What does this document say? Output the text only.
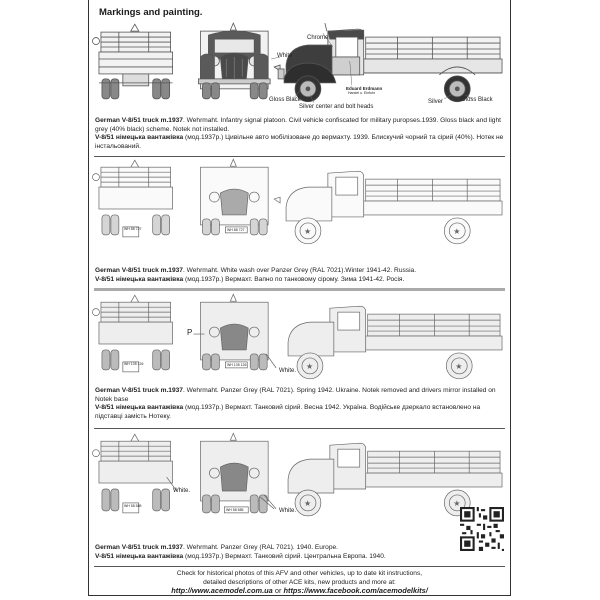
Markings and painting.
Chrome
White
Gloss Black
Silver center and bolt heads
Silver	Gloss Black
Eduard Erdmann
Handel u. Einfuhr
German V-8/51 truck m.1937. Wehrmaht. Infantry signal platoon. Civil vehicle confiscated for military puropses.1939. Gloss black and light grey (40% black) scheme. Notek not installed.
V-8/51 німецька вантажівка (мод.1937р.) Цивільне авто мобілізоване до вермахту. 1939. Блискучий чорний та сірий (40%). Нотек не інстальований.
★	★
WH 88 727	WH 88 727
German V-8/51 truck m.1937. Wehrmaht. White wash over Panzer Grey (RAL 7021).Winter 1941-42. Russia.
V-8/51 німецька вантажівка (мод.1937р.) Вермахт. Вапно по танковому сірому. Зима 1941-42. Росія.
★	★
P
White.
WH 105 126	WH 105 126
German V-8/51 truck m.1937. Wehrmaht. Panzer Grey (RAL 7021). Spring 1942. Ukraine. Notek removed and drivers mirror installed on Notek base
V-8/51 німецька вантажівка (мод.1937р.) Вермахт. Танковий сірий. Весна 1942. Україна. Водійське дзеркало встановлено на підставці замість Нотеку.
★	★
White.
White.
WH 58 585
WH 58 585
German V-8/51 truck m.1937. Wehrmaht. Panzer Grey (RAL 7021). 1940. Europe.
V-8/51 німецька вантажівка (мод.1937р.) Вермахт. Танковий сірий. Центральна Европа. 1940.
Check for historical photos of this AFV and other vehicles, up to date kit instructions,
detailed descriptions of other ACE kits, new products and more at:
http://www.acemodel.com.ua or https://www.facebook.com/acemodelkits/
